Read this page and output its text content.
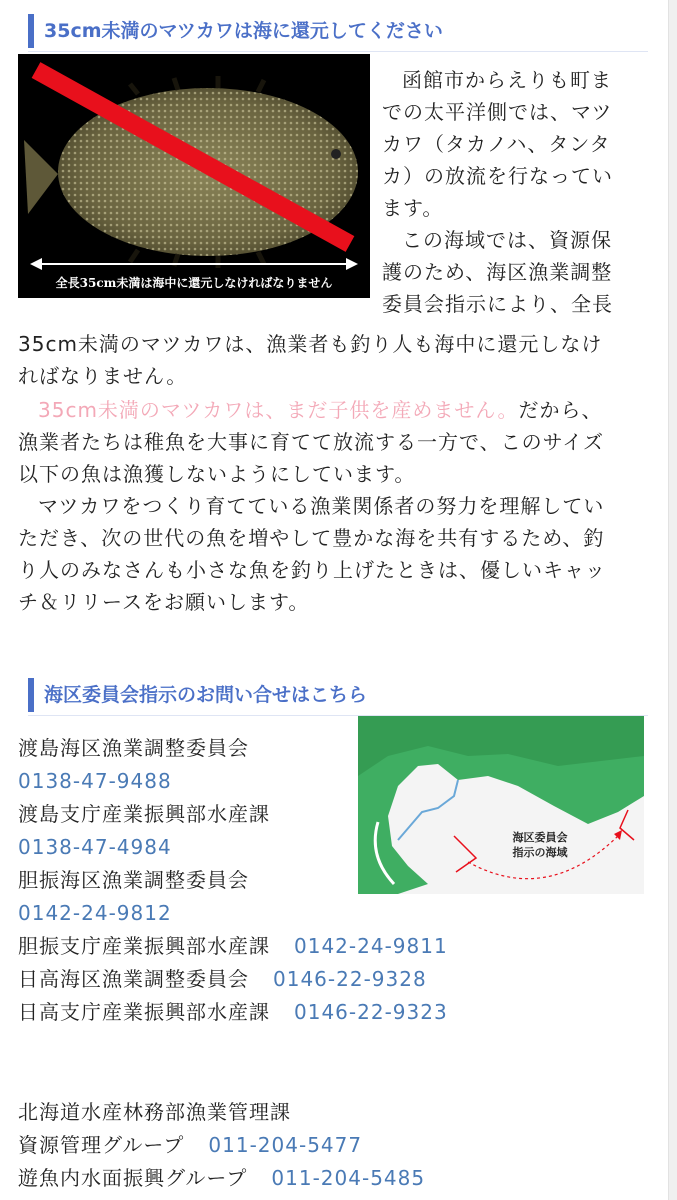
35cm未満のマツカワは海に還元してください
全長35cm未満は海中に還元しなければなりません
函館市からえりも町ま
での太平洋側では、マツ
カワ（タカノハ、タンタ
カ）の放流を行なってい
ます。
この海域では、資源保
護のため、海区漁業調整
委員会指示により、全長
35cm未満のマツカワは、漁業者も釣り人も海中に還元しなけ
ればなりません。
35cm未満のマツカワは、まだ子供を産めません。だから、
漁業者たちは稚魚を大事に育てて放流する一方で、このサイズ
以下の魚は漁獲しないようにしています。
マツカワをつくり育てている漁業関係者の努力を理解してい
ただき、次の世代の魚を増やして豊かな海を共有するため、釣
り人のみなさんも小さな魚を釣り上げたときは、優しいキャッ
チ＆リリースをお願いします。
海区委員会指示のお問い合せはこちら
海区委員会
指示の海域
渡島海区漁業調整委員会
0138-47-9488
渡島支庁産業振興部水産課
0138-47-4984
胆振海区漁業調整委員会
0142-24-9812
胆振支庁産業振興部水産課 0142-24-9811
日高海区漁業調整委員会 0146-22-9328
日高支庁産業振興部水産課 0146-22-9323
北海道水産林務部漁業管理課
資源管理グループ 011-204-5477
遊魚内水面振興グループ 011-204-5485
